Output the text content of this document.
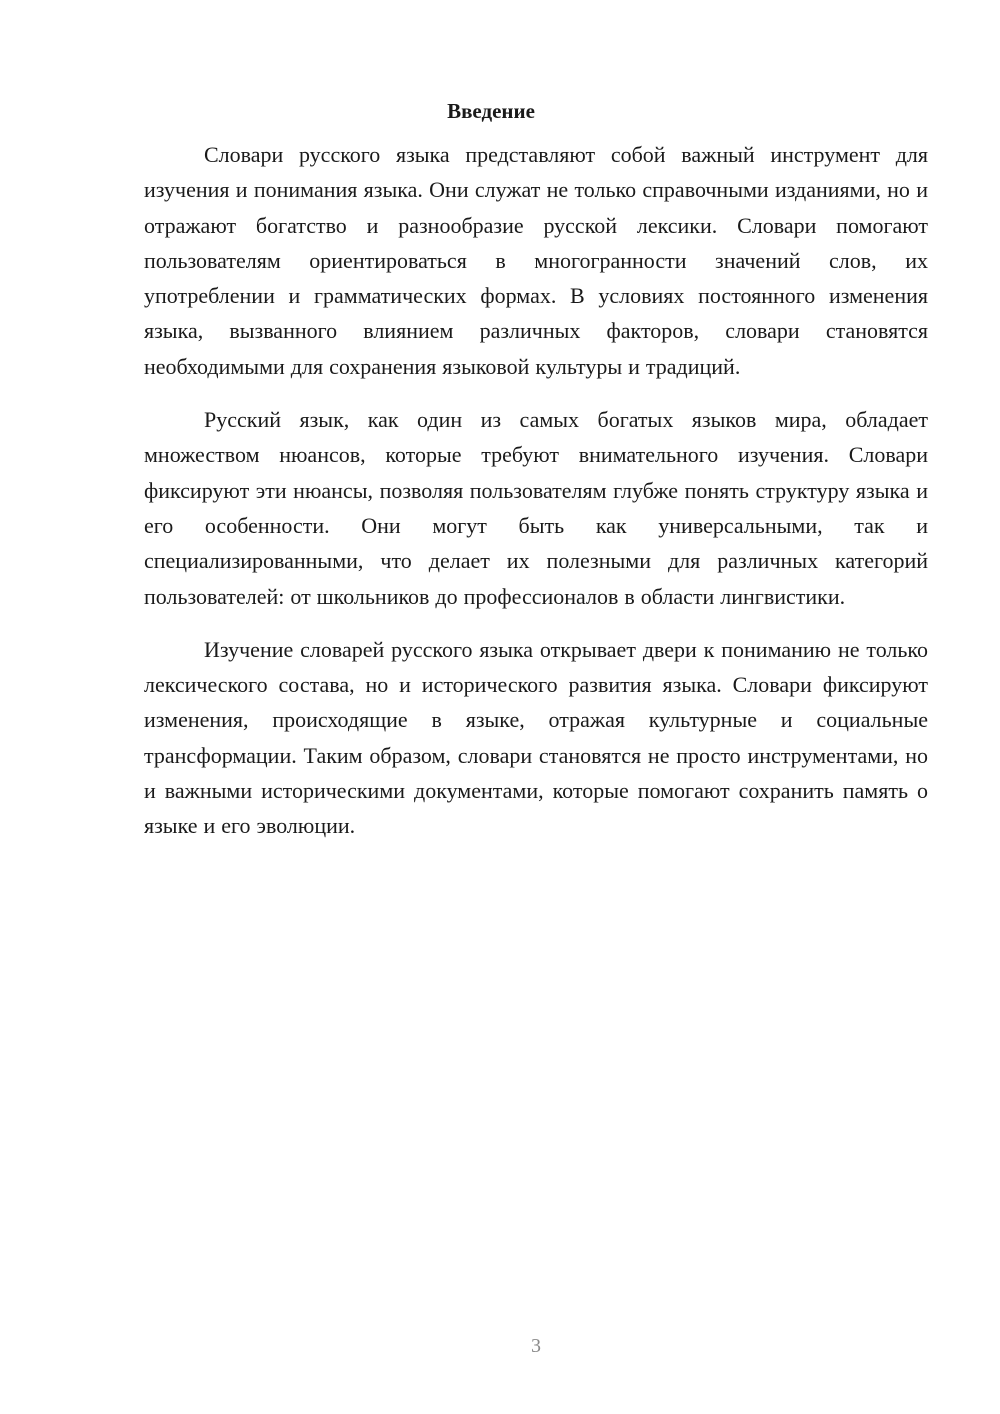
Введение

Словари русского языка представляют собой важный инструмент для изучения и понимания языка. Они служат не только справочными изданиями, но и отражают богатство и разнообразие русской лексики. Словари помогают пользователям ориентироваться в многогранности значений слов, их употреблении и грамматических формах. В условиях постоянного изменения языка, вызванного влиянием различных факторов, словари становятся необходимыми для сохранения языковой культуры и традиций.

Русский язык, как один из самых богатых языков мира, обладает множеством нюансов, которые требуют внимательного изучения. Словари фиксируют эти нюансы, позволяя пользователям глубже понять структуру языка и его особенности. Они могут быть как универсальными, так и специализированными, что делает их полезными для различных категорий пользователей: от школьников до профессионалов в области лингвистики.

Изучение словарей русского языка открывает двери к пониманию не только лексического состава, но и исторического развития языка. Словари фиксируют изменения, происходящие в языке, отражая культурные и социальные трансформации. Таким образом, словари становятся не просто инструментами, но и важными историческими документами, которые помогают сохранить память о языке и его эволюции.

3
